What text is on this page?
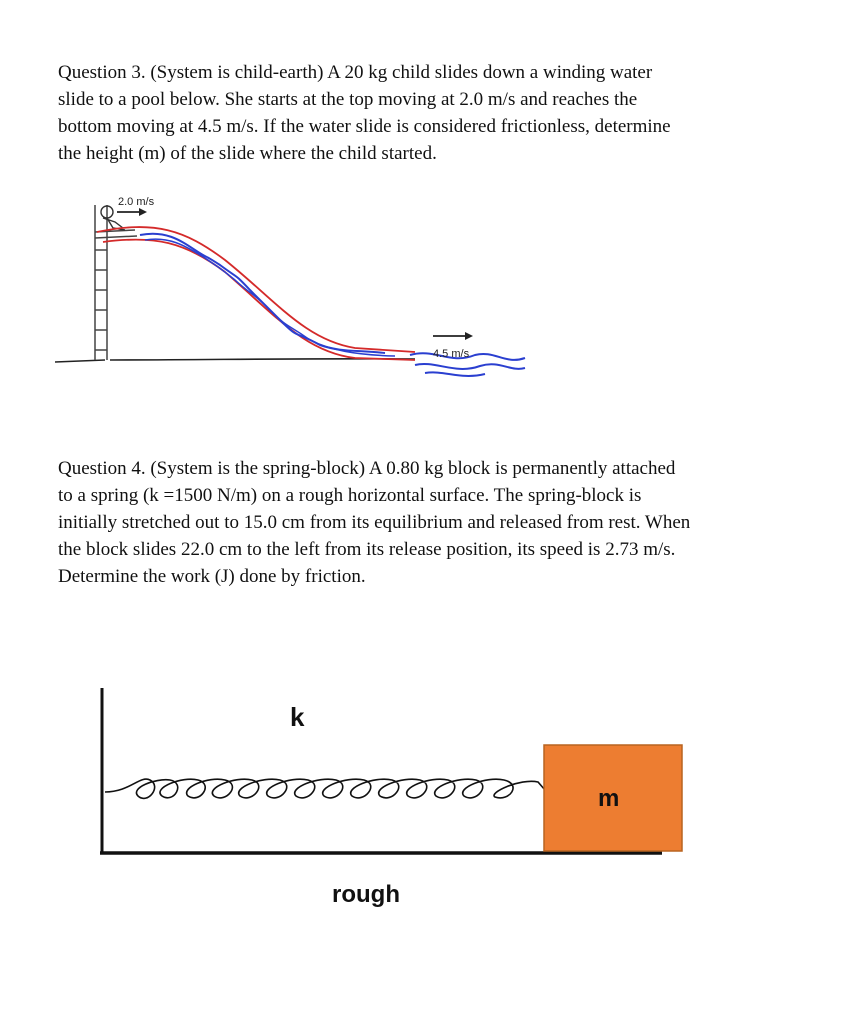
Question 3. (System is child-earth) A 20 kg child slides down a winding water
slide to a pool below. She starts at the top moving at 2.0 m/s and reaches the
bottom moving at 4.5 m/s. If the water slide is considered frictionless, determine
the height (m) of the slide where the child started.
2.0 m/s
4.5 m/s
Question 4. (System is the spring-block) A 0.80 kg block is permanently attached
to a spring (k =1500 N/m) on a rough horizontal surface. The spring-block is
initially stretched out to 15.0 cm from its equilibrium and released from rest. When
the block slides 22.0 cm to the left from its release position, its speed is 2.73 m/s.
Determine the work (J) done by friction.
k
m
rough
